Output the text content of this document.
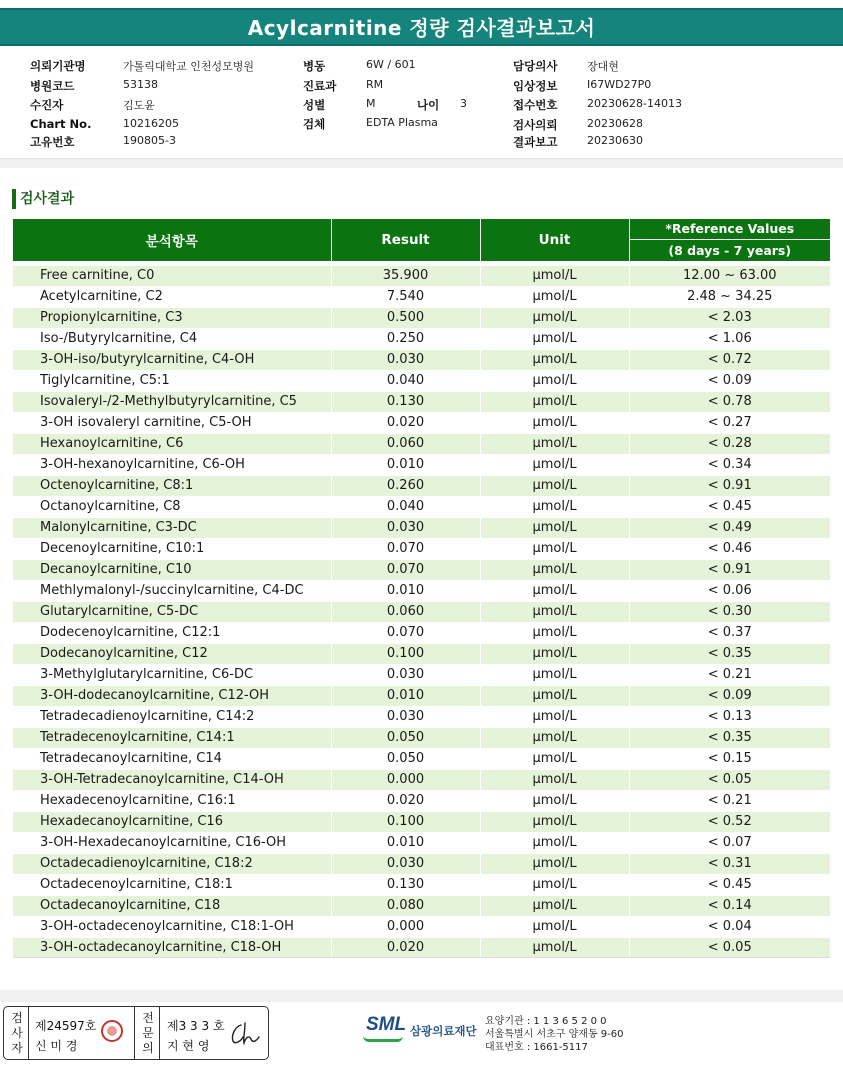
Acylcarnitine 정량 검사결과보고서
의뢰기관명	가톨릭대학교 인천성모병원
병원코드	53138
수진자	김도윤
Chart No.	10216205
고유번호	190805-3
병동	6W / 601
진료과	RM
성별	M	나이 3
검체	EDTA Plasma
담당의사	장대현
임상정보	I67WD27P0
접수번호	20230628-14013
검사의뢰	20230628
결과보고	20230630
검사결과
분석항목	Result	Unit	*Reference Values
			(8 days - 7 years)

Free carnitine, C0	35.900	μmol/L	12.00 ~ 63.00
Acetylcarnitine, C2	7.540	μmol/L	2.48 ~ 34.25
Propionylcarnitine, C3	0.500	μmol/L	< 2.03
Iso-/Butyrylcarnitine, C4	0.250	μmol/L	< 1.06
3-OH-iso/butyrylcarnitine, C4-OH	0.030	μmol/L	< 0.72
Tiglylcarnitine, C5:1	0.040	μmol/L	< 0.09
Isovaleryl-/2-Methylbutyrylcarnitine, C5	0.130	μmol/L	< 0.78
3-OH isovaleryl carnitine, C5-OH	0.020	μmol/L	< 0.27
Hexanoylcarnitine, C6	0.060	μmol/L	< 0.28
3-OH-hexanoylcarnitine, C6-OH	0.010	μmol/L	< 0.34
Octenoylcarnitine, C8:1	0.260	μmol/L	< 0.91
Octanoylcarnitine, C8	0.040	μmol/L	< 0.45
Malonylcarnitine, C3-DC	0.030	μmol/L	< 0.49
Decenoylcarnitine, C10:1	0.070	μmol/L	< 0.46
Decanoylcarnitine, C10	0.070	μmol/L	< 0.91
Methlymalonyl-/succinylcarnitine, C4-DC	0.010	μmol/L	< 0.06
Glutarylcarnitine, C5-DC	0.060	μmol/L	< 0.30
Dodecenoylcarnitine, C12:1	0.070	μmol/L	< 0.37
Dodecanoylcarnitine, C12	0.100	μmol/L	< 0.35
3-Methylglutarylcarnitine, C6-DC	0.030	μmol/L	< 0.21
3-OH-dodecanoylcarnitine, C12-OH	0.010	μmol/L	< 0.09
Tetradecadienoylcarnitine, C14:2	0.030	μmol/L	< 0.13
Tetradecenoylcarnitine, C14:1	0.050	μmol/L	< 0.35
Tetradecanoylcarnitine, C14	0.050	μmol/L	< 0.15
3-OH-Tetradecanoylcarnitine, C14-OH	0.000	μmol/L	< 0.05
Hexadecenoylcarnitine, C16:1	0.020	μmol/L	< 0.21
Hexadecanoylcarnitine, C16	0.100	μmol/L	< 0.52
3-OH-Hexadecanoylcarnitine, C16-OH	0.010	μmol/L	< 0.07
Octadecadienoylcarnitine, C18:2	0.030	μmol/L	< 0.31
Octadecenoylcarnitine, C18:1	0.130	μmol/L	< 0.45
Octadecanoylcarnitine, C18	0.080	μmol/L	< 0.14
3-OH-octadecenoylcarnitine, C18:1-OH	0.000	μmol/L	< 0.04
3-OH-octadecanoylcarnitine, C18-OH	0.020	μmol/L	< 0.05
검
사
자
제24597호
신 미 경
전
문
의
제3 3 3 호
지 현 영
SML 삼광의료재단
요양기관 : 1 1 3 6 5 2 0 0
서울특별시 서초구 양재동 9-60
대표번호 : 1661-5117
